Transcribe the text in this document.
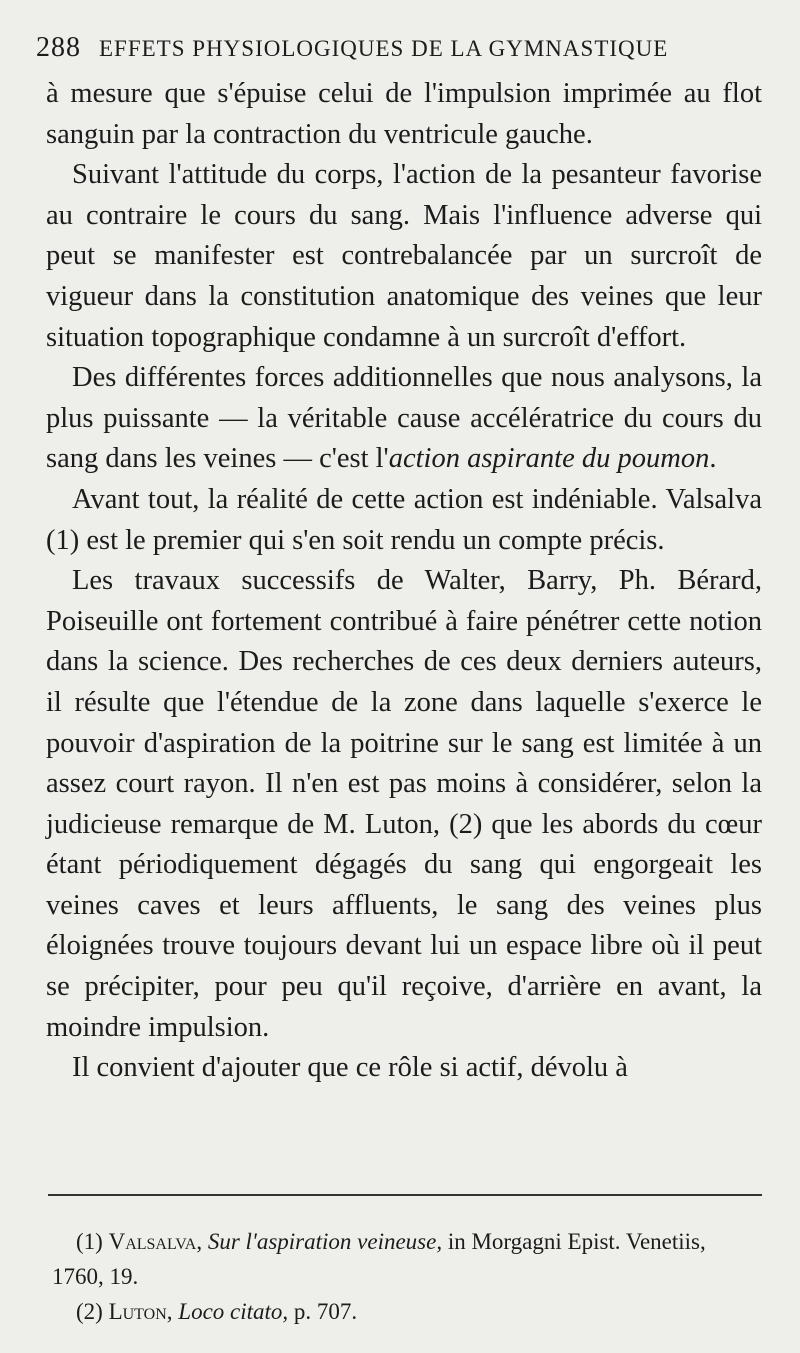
288 EFFETS PHYSIOLOGIQUES DE LA GYMNASTIQUE

à mesure que s'épuise celui de l'impulsion imprimée au flot sanguin par la contraction du ventricule gauche.

Suivant l'attitude du corps, l'action de la pesanteur favorise au contraire le cours du sang. Mais l'influence adverse qui peut se manifester est contrebalancée par un surcroît de vigueur dans la constitution anatomique des veines que leur situation topographique condamne à un surcroît d'effort.

Des différentes forces additionnelles que nous analysons, la plus puissante — la véritable cause accélératrice du cours du sang dans les veines — c'est l'action aspirante du poumon.

Avant tout, la réalité de cette action est indéniable. Valsalva (1) est le premier qui s'en soit rendu un compte précis.

Les travaux successifs de Walter, Barry, Ph. Bérard, Poiseuille ont fortement contribué à faire pénétrer cette notion dans la science. Des recherches de ces deux derniers auteurs, il résulte que l'étendue de la zone dans laquelle s'exerce le pouvoir d'aspiration de la poitrine sur le sang est limitée à un assez court rayon. Il n'en est pas moins à considérer, selon la judicieuse remarque de M. Luton, (2) que les abords du cœur étant périodiquement dégagés du sang qui engorgeait les veines caves et leurs affluents, le sang des veines plus éloignées trouve toujours devant lui un espace libre où il peut se précipiter, pour peu qu'il reçoive, d'arrière en avant, la moindre impulsion.

Il convient d'ajouter que ce rôle si actif, dévolu à

(1) Valsalva, Sur l'aspiration veineuse, in Morgagni Epist. Venetiis, 1760, 19.

(2) Luton, Loco citato, p. 707.
